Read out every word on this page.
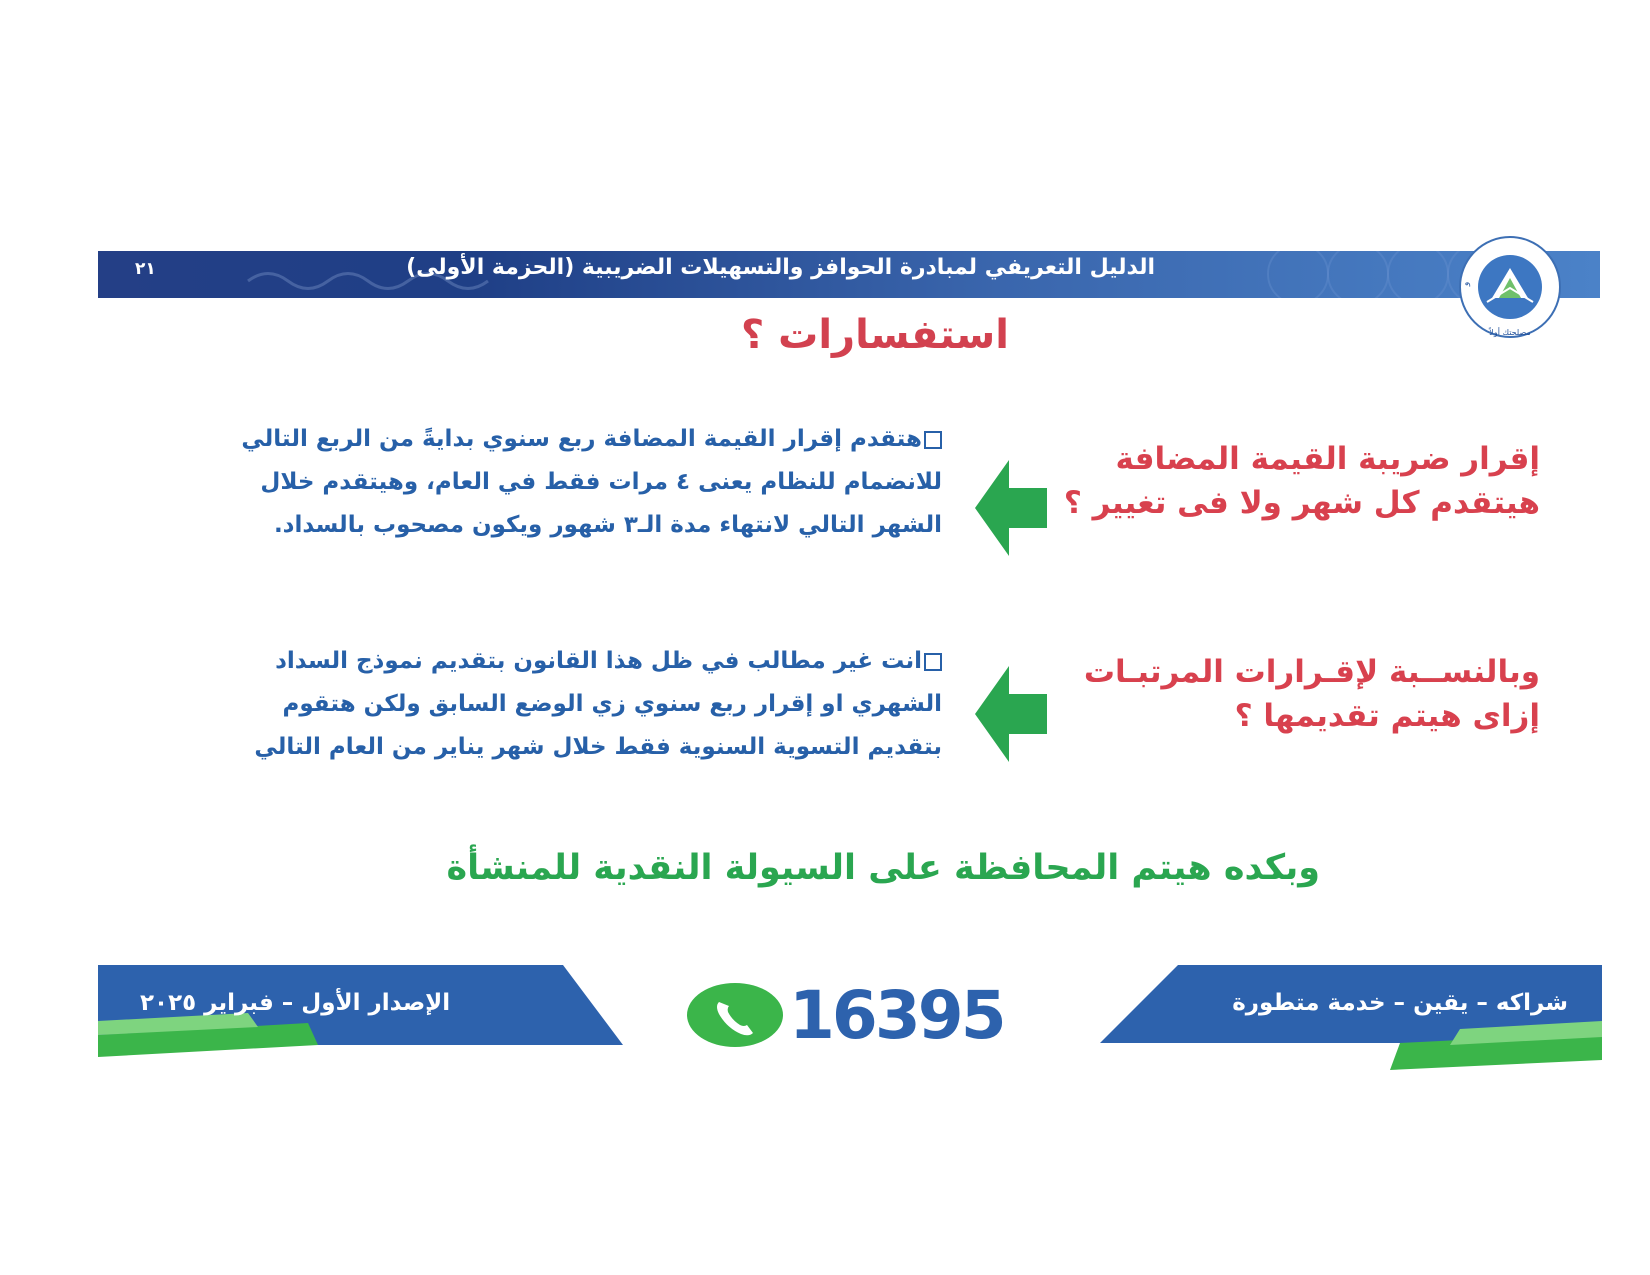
الدليل التعريفي لمبادرة الحوافز والتسهيلات الضريبية (الحزمة الأولى)
٢١
و
مصلحتك أولاً
استفسارات ؟
إقرار ضريبة القيمة المضافة
هيتقدم كل شهر ولا فى تغيير ؟
هتقدم إقرار القيمة المضافة ربع سنوي بدايةً من الربع التالي
للانضمام للنظام يعنى ٤ مرات فقط في العام، وهيتقدم خلال
الشهر التالي لانتهاء مدة الـ٣ شهور ويكون مصحوب بالسداد.
وبالنســبة لإقـرارات المرتبـات
إزاى هيتم تقديمها ؟
انت غير مطالب في ظل هذا القانون بتقديم نموذج السداد
الشهري او إقرار ربع سنوي زي الوضع السابق ولكن هتقوم
بتقديم التسوية السنوية فقط خلال شهر يناير من العام التالي
وبكده هيتم المحافظة على السيولة النقدية للمنشأة
شراكه – يقين – خدمة متطورة
الإصدار الأول – فبراير ٢٠٢٥	16395
